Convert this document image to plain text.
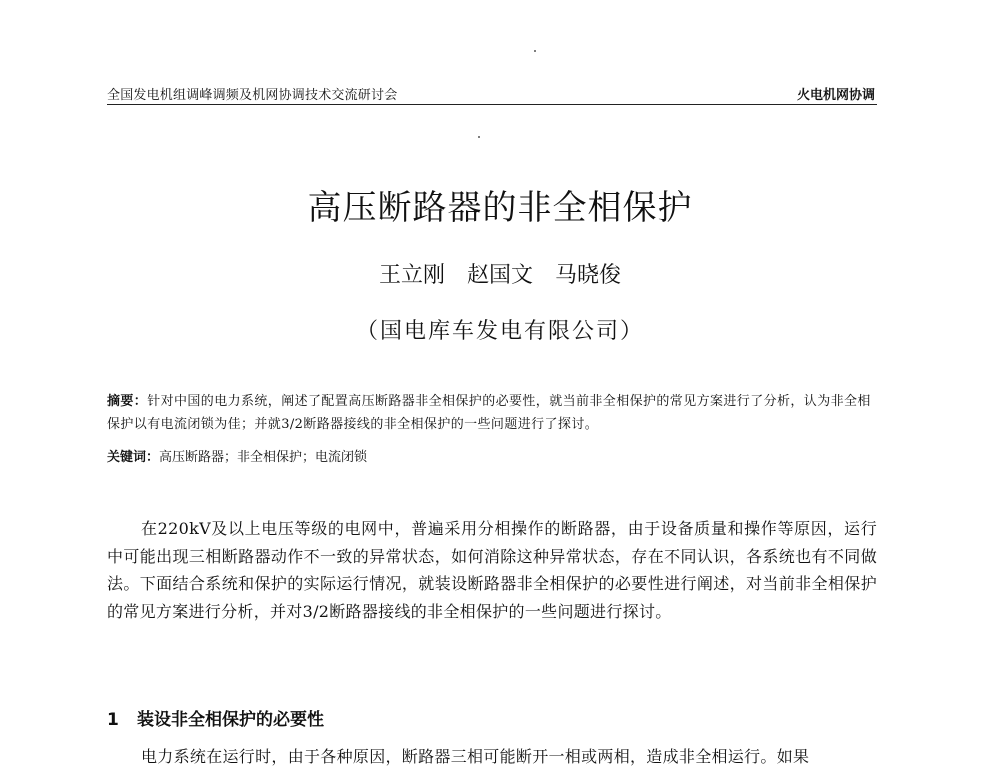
全国发电机组调峰调频及机网协调技术交流研讨会	火电机网协调
高压断路器的非全相保护
王立刚　赵国文　马晓俊
（国电库车发电有限公司）
摘要：针对中国的电力系统，阐述了配置高压断路器非全相保护的必要性，就当前非全相保护的常见方案进行了分析，认为非全相保护以有电流闭锁为佳；并就3/2断路器接线的非全相保护的一些问题进行了探讨。
关键词：高压断路器；非全相保护；电流闭锁
在220kV及以上电压等级的电网中，普遍采用分相操作的断路器，由于设备质量和操作等原因，运行中可能出现三相断路器动作不一致的异常状态，如何消除这种异常状态，存在不同认识，各系统也有不同做法。下面结合系统和保护的实际运行情况，就装设断路器非全相保护的必要性进行阐述，对当前非全相保护的常见方案进行分析，并对3/2断路器接线的非全相保护的一些问题进行探讨。
1 装设非全相保护的必要性
电力系统在运行时，由于各种原因，断路器三相可能断开一相或两相，造成非全相运行。如果
